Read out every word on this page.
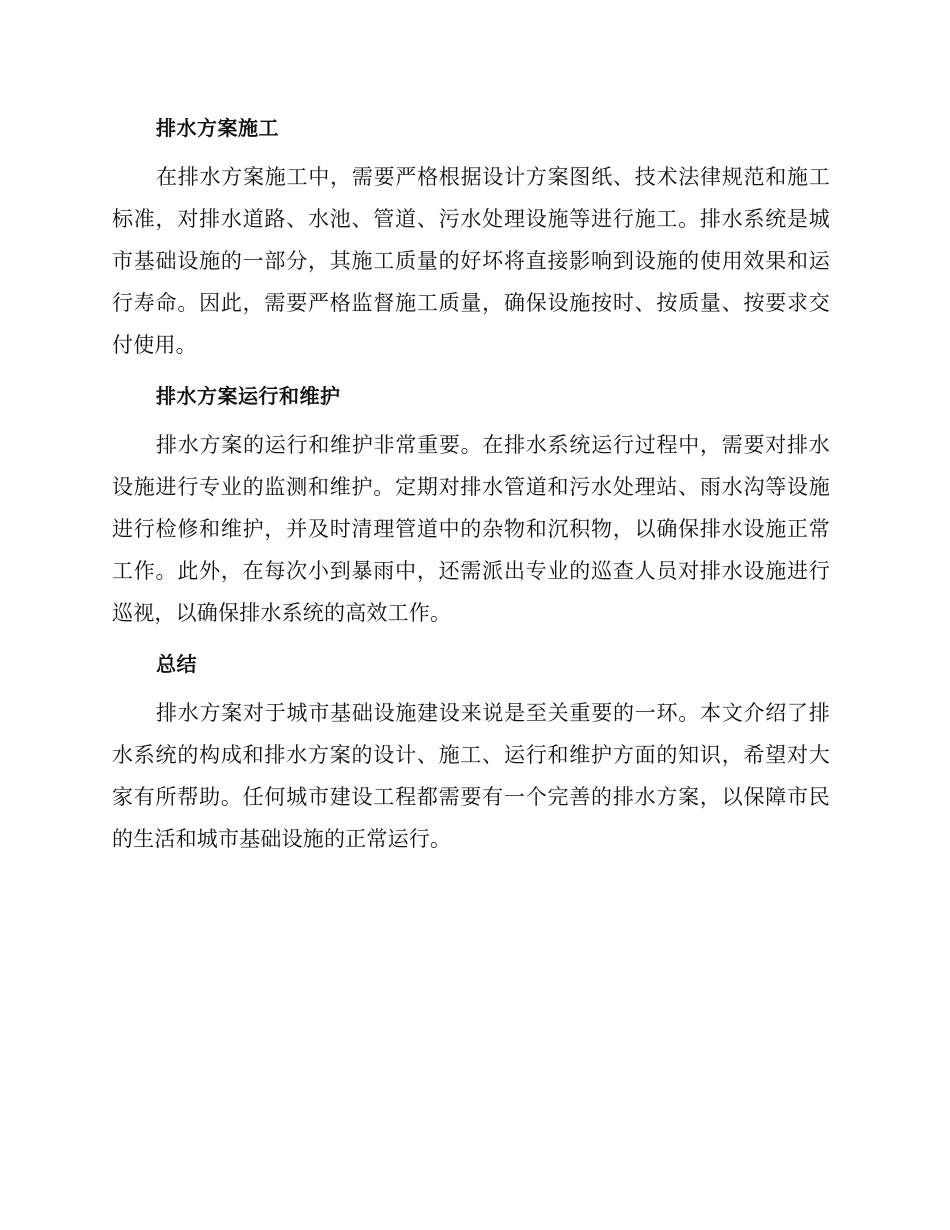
排水方案施工

在排水方案施工中，需要严格根据设计方案图纸、技术法律规范和施工标准，对排水道路、水池、管道、污水处理设施等进行施工。排水系统是城市基础设施的一部分，其施工质量的好坏将直接影响到设施的使用效果和运行寿命。因此，需要严格监督施工质量，确保设施按时、按质量、按要求交付使用。

排水方案运行和维护

排水方案的运行和维护非常重要。在排水系统运行过程中，需要对排水设施进行专业的监测和维护。定期对排水管道和污水处理站、雨水沟等设施进行检修和维护，并及时清理管道中的杂物和沉积物，以确保排水设施正常工作。此外，在每次小到暴雨中，还需派出专业的巡查人员对排水设施进行巡视，以确保排水系统的高效工作。

总结

排水方案对于城市基础设施建设来说是至关重要的一环。本文介绍了排水系统的构成和排水方案的设计、施工、运行和维护方面的知识，希望对大家有所帮助。任何城市建设工程都需要有一个完善的排水方案，以保障市民的生活和城市基础设施的正常运行。
